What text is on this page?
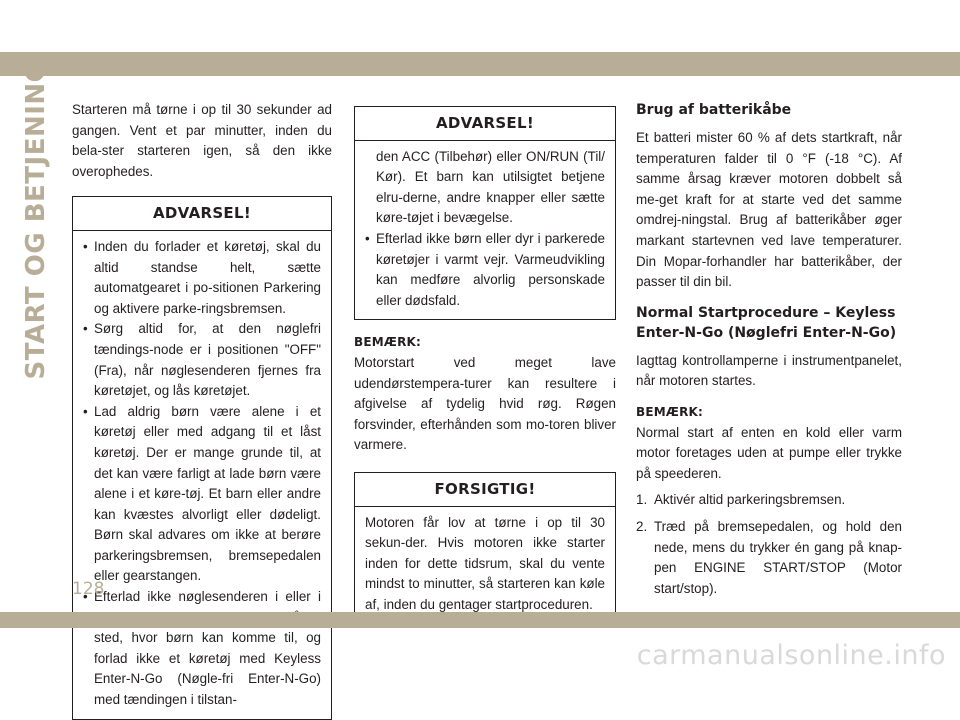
START OG BETJENING Starteren må tørne i op til 30 sekunder ad gangen. Vent et par minutter, inden du bela-ster starteren igen, så den ikke overophedes.

ADVARSEL!
• Inden du forlader et køretøj, skal du altid standse helt, sætte automatgearet i po-sitionen Parkering og aktivere parke-ringsbremsen.
• Sørg altid for, at den nøglefri tændings-node er i positionen "OFF" (Fra), når nøglesenderen fjernes fra køretøjet, og lås køretøjet.
• Lad aldrig børn være alene i et køretøj eller med adgang til et låst køretøj. Der er mange grunde til, at det kan være farligt at lade børn være alene i et køre-tøj. Et barn eller andre kan kvæstes alvorligt eller dødeligt. Børn skal advares om ikke at berøre parkeringsbremsen, bremsepedalen eller gearstangen.
• Efterlad ikke nøglesenderen i eller i sted, hvor børn kan komme til, og forlad ikke et køretøj med Keyless Enter-N-Go (Nøgle-fri Enter-N-Go) med tændingen i tilstan-
ADVARSEL!
den ACC (Tilbehør) eller ON/RUN (Til/ Kør). Et barn kan utilsigtet betjene elru-derne, andre knapper eller sætte køre-tøjet i bevægelse.
• Efterlad ikke børn eller dyr i parkerede køretøjer i varmt vejr. Varmeudvikling kan medføre alvorlig personskade eller dødsfald.
BEMÆRK:

Motorstart ved meget lave udendørstempera-turer kan resultere i afgivelse af tydelig hvid røg. Røgen forsvinder, efterhånden som mo-toren bliver varmere.

FORSIGTIG!

Motoren får lov at tørne i op til 30 sekun-der. Hvis motoren ikke starter inden for dette tidsrum, skal du vente mindst to minutter, så starteren kan køle af, inden du gentager startproceduren.

Brug af batterikåbe

Et batteri mister 60 % af dets startkraft, når temperaturen falder til 0 °F (-18 °C). Af samme årsag kræver motoren dobbelt så me-get kraft for at starte ved det samme omdrej-ningstal. Brug af batterikåber øger markant startevnen ved lave temperaturer. Din Mopar-forhandler har batterikåber, der passer til din bil.

Normal Startprocedure – Keyless Enter-N-Go (Nøglefri Enter-N-Go)

Iagttag kontrollamperne i instrumentpanelet, når motoren startes.

BEMÆRK:

Normal start af enten en kold eller varm motor foretages uden at pumpe eller trykke på speederen.

1. Aktivér altid parkeringsbremsen.
2. Træd på bremsepedalen, og hold den nede, mens du trykker én gang på knap-pen ENGINE START/STOP (Motor start/stop).
128
carmanualsonline.info
